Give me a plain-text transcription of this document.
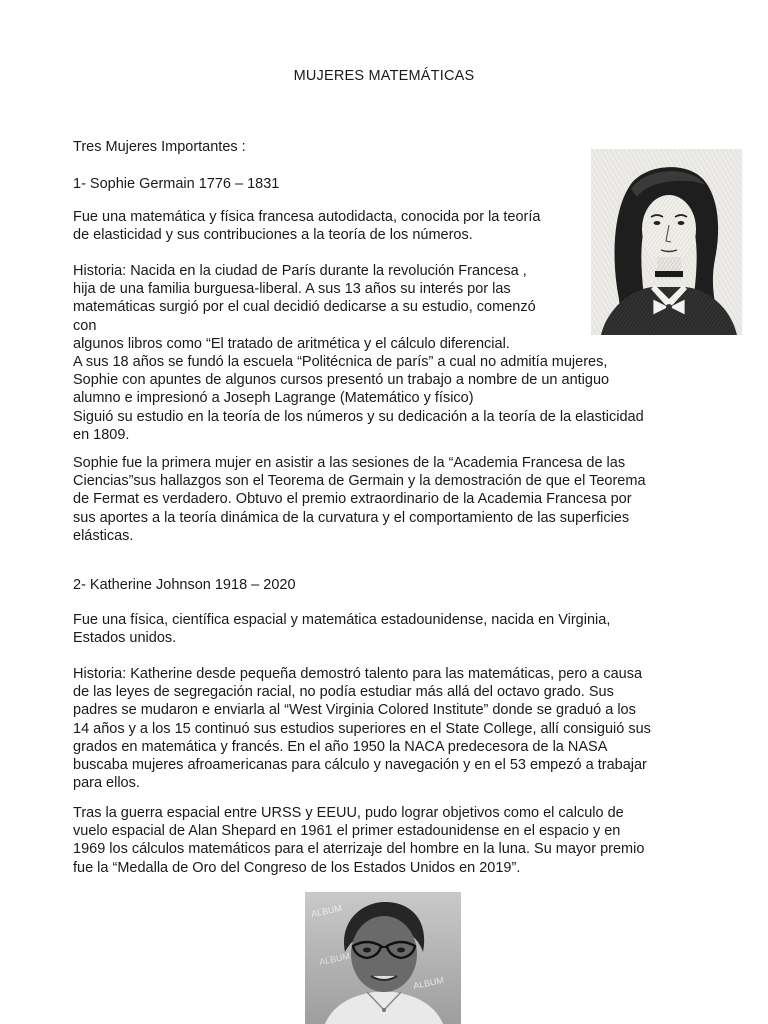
MUJERES MATEMÁTICAS

Tres Mujeres Importantes :

1- Sophie Germain 1776 – 1831

Fue una matemática y física francesa autodidacta, conocida por la teoría
de elasticidad y sus contribuciones a la teoría de los números.

Historia: Nacida en la ciudad de París durante la revolución Francesa ,
hija de una familia burguesa-liberal. A sus 13 años su interés por las
matemáticas surgió por el cual decidió dedicarse a su estudio, comenzó
con
algunos libros como “El tratado de aritmética y el cálculo diferencial.
A sus 18 años se fundó la escuela “Politécnica de parís” a cual no admitía mujeres,
Sophie con apuntes de algunos cursos presentó un trabajo a nombre de un antiguo
alumno e impresionó a Joseph Lagrange (Matemático y físico)
Siguió su estudio en la teoría de los números y su dedicación a la teoría de la elasticidad
en 1809.

Sophie fue la primera mujer en asistir a las sesiones de la “Academia Francesa de las
Ciencias”sus hallazgos son el Teorema de Germain y la demostración de que el Teorema
de Fermat es verdadero. Obtuvo el premio extraordinario de la Academia Francesa por
sus aportes a la teoría dinámica de la curvatura y el comportamiento de las superficies
elásticas.

2- Katherine Johnson 1918 – 2020

Fue una física, científica espacial y matemática estadounidense, nacida en Virginia,
Estados unidos.

Historia: Katherine desde pequeña demostró talento para las matemáticas, pero a causa
de las leyes de segregación racial, no podía estudiar más allá del octavo grado. Sus
padres se mudaron e enviarla al “West Virginia Colored Institute” donde se graduó a los
14 años y a los 15 continuó sus estudios superiores en el State College, allí consiguió sus
grados en matemática y francés. En el año 1950 la NACA predecesora de la NASA
buscaba mujeres afroamericanas para cálculo y navegación y en el 53 empezó a trabajar
para ellos.

Tras la guerra espacial entre URSS y EEUU, pudo lograr objetivos como el calculo de
vuelo espacial de Alan Shepard en 1961 el primer estadounidense en el espacio y en
1969 los cálculos matemáticos para el aterrizaje del hombre en la luna. Su mayor premio
fue la “Medalla de Oro del Congreso de los Estados Unidos en 2019”.

ALBUM
ALBUM
ALBUM
